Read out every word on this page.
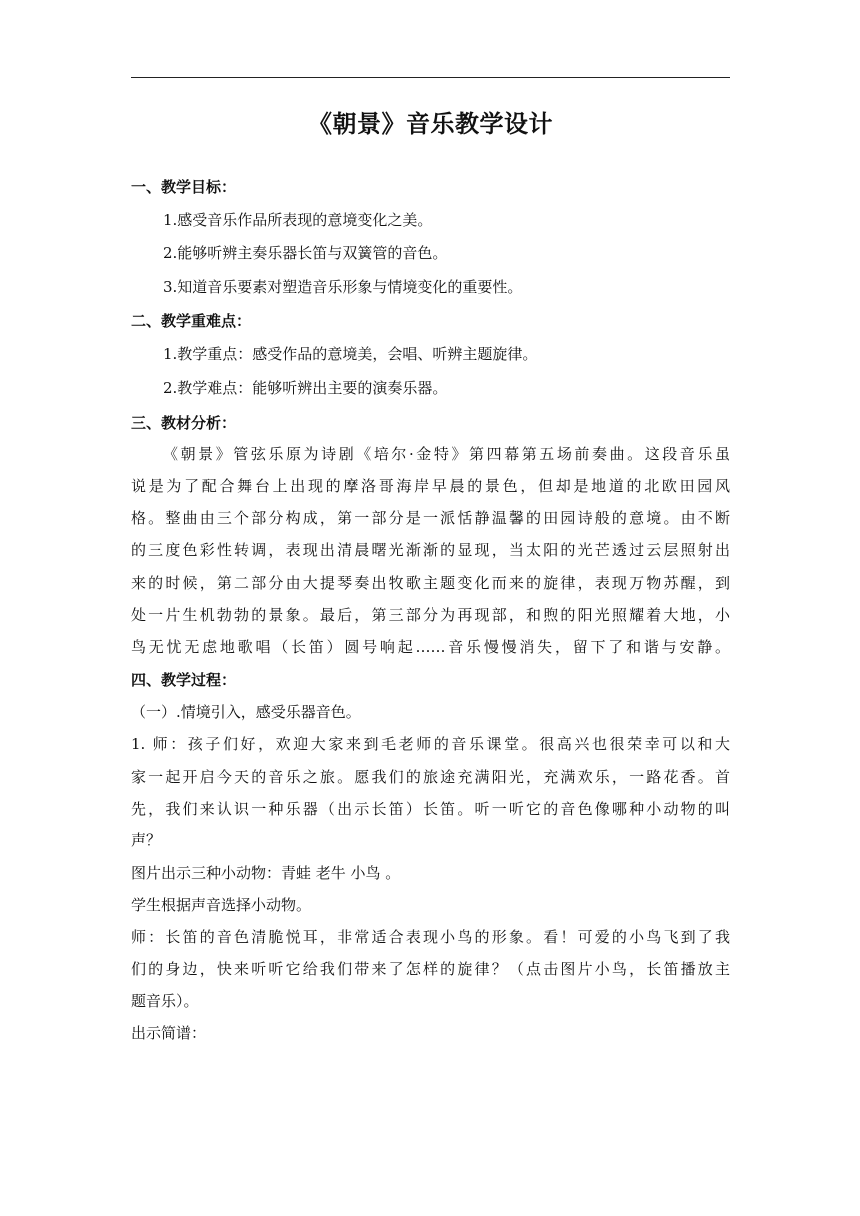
《朝景》音乐教学设计
一、教学目标：
1.感受音乐作品所表现的意境变化之美。
2.能够听辨主奏乐器长笛与双簧管的音色。
3.知道音乐要素对塑造音乐形象与情境变化的重要性。
二、教学重难点：
1.教学重点：感受作品的意境美，会唱、听辨主题旋律。
2.教学难点：能够听辨出主要的演奏乐器。
三、教材分析：
《朝景》管弦乐原为诗剧《培尔·金特》第四幕第五场前奏曲。这段音乐虽
说是为了配合舞台上出现的摩洛哥海岸早晨的景色，但却是地道的北欧田园风
格。整曲由三个部分构成，第一部分是一派恬静温馨的田园诗般的意境。由不断
的三度色彩性转调，表现出清晨曙光渐渐的显现，当太阳的光芒透过云层照射出
来的时候，第二部分由大提琴奏出牧歌主题变化而来的旋律，表现万物苏醒，到
处一片生机勃勃的景象。最后，第三部分为再现部，和煦的阳光照耀着大地，小
鸟无忧无虑地歌唱（长笛）圆号响起……音乐慢慢消失，留下了和谐与安静。
四、教学过程：
（一）.情境引入，感受乐器音色。
1. 师：孩子们好，欢迎大家来到毛老师的音乐课堂。很高兴也很荣幸可以和大
家一起开启今天的音乐之旅。愿我们的旅途充满阳光，充满欢乐，一路花香。首
先，我们来认识一种乐器（出示长笛）长笛。听一听它的音色像哪种小动物的叫
声？
图片出示三种小动物：青蛙 老牛 小鸟 。
学生根据声音选择小动物。
师：长笛的音色清脆悦耳，非常适合表现小鸟的形象。看！可爱的小鸟飞到了我
们的身边，快来听听它给我们带来了怎样的旋律？（点击图片小鸟，长笛播放主
题音乐）。
出示简谱：
